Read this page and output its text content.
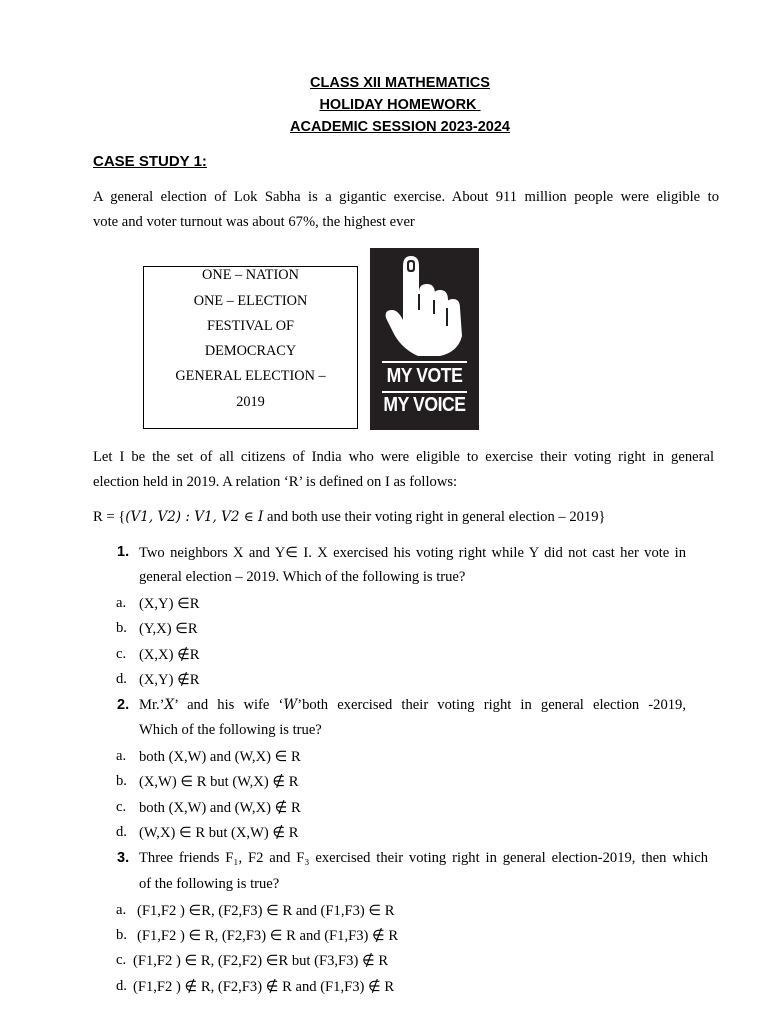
CLASS XII MATHEMATICS
HOLIDAY HOMEWORK
ACADEMIC SESSION 2023-2024
CASE STUDY 1:
A general election of Lok Sabha is a gigantic exercise. About 911 million people were eligible to
vote and voter turnout was about 67%, the highest ever
ONE – NATION
ONE – ELECTION
FESTIVAL OF
DEMOCRACY
GENERAL ELECTION –
2019
MY VOTE
MY VOICE
Let I be the set of all citizens of India who were eligible to exercise their voting right in general
election held in 2019. A relation ‘R’ is defined on I as follows:
R = {(V1, V2) : V1, V2 ∈ I and both use their voting right in general election – 2019}
1. Two neighbors X and Y∈ I. X exercised his voting right while Y did not cast her vote in
general election – 2019. Which of the following is true?
a. (X,Y) ∈R
b. (Y,X) ∈R
c. (X,X) ∉R
d. (X,Y) ∉R
2. Mr.’X’ and his wife ‘W’both exercised their voting right in general election -2019,
Which of the following is true?
a. both (X,W) and (W,X) ∈ R
b. (X,W) ∈ R but (W,X) ∉ R
c. both (X,W) and (W,X) ∉ R
d. (W,X) ∈ R but (X,W) ∉ R
3. Three friends F₁, F2 and F₃ exercised their voting right in general election-2019, then which
of the following is true?
a. (F1,F2 ) ∈R, (F2,F3) ∈ R and (F1,F3) ∈ R
b. (F1,F2 ) ∈ R, (F2,F3) ∈ R and (F1,F3) ∉ R
c. (F1,F2 ) ∈ R, (F2,F2) ∈R but (F3,F3) ∉ R
d. (F1,F2 ) ∉ R, (F2,F3) ∉ R and (F1,F3) ∉ R
